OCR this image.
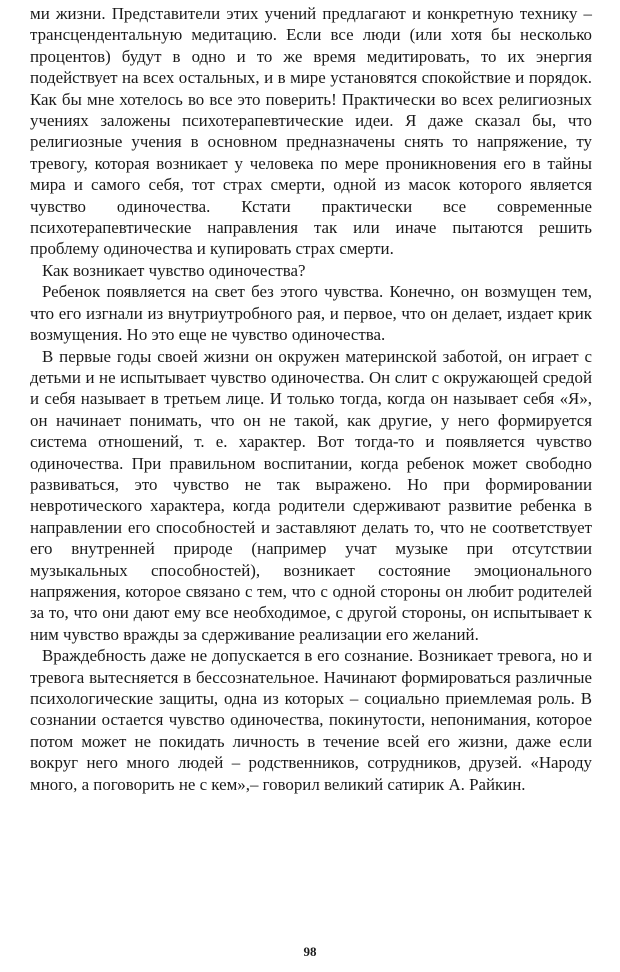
ми жизни. Представители этих учений предлагают и конкретную технику – трансцендентальную медитацию. Если все люди (или хотя бы несколько процентов) будут в одно и то же время медитировать, то их энергия подействует на всех остальных, и в мире установятся спокойствие и порядок. Как бы мне хотелось во все это поверить! Практически во всех религиозных учениях заложены психотерапевтические идеи. Я даже сказал бы, что религиозные учения в основном предназначены снять то напряжение, ту тревогу, которая возникает у человека по мере проникновения его в тайны мира и самого себя, тот страх смерти, одной из масок которого является чувство одиночества. Кстати практически все современные психотерапевтические направления так или иначе пытаются решить проблему одиночества и купировать страх смерти.

Как возникает чувство одиночества?

Ребенок появляется на свет без этого чувства. Конечно, он возмущен тем, что его изгнали из внутриутробного рая, и первое, что он делает, издает крик возмущения. Но это еще не чувство одиночества.

В первые годы своей жизни он окружен материнской заботой, он играет с детьми и не испытывает чувство одиночества. Он слит с окружающей средой и себя называет в третьем лице. И только тогда, когда он называет себя «Я», он начинает понимать, что он не такой, как другие, у него формируется система отношений, т. е. характер. Вот тогда-то и появляется чувство одиночества. При правильном воспитании, когда ребенок может свободно развиваться, это чувство не так выражено. Но при формировании невротического характера, когда родители сдерживают развитие ребенка в направлении его способностей и заставляют делать то, что не соответствует его внутренней природе (например учат музыке при отсутствии музыкальных способностей), возникает состояние эмоционального напряжения, которое связано с тем, что с одной стороны он любит родителей за то, что они дают ему все необходимое, с другой стороны, он испытывает к ним чувство вражды за сдерживание реализации его желаний.

Враждебность даже не допускается в его сознание. Возникает тревога, но и тревога вытесняется в бессознательное. Начинают формироваться различные психологические защиты, одна из которых – социально приемлемая роль. В сознании остается чувство одиночества, покинутости, непонимания, которое потом может не покидать личность в течение всей его жизни, даже если вокруг него много людей – родственников, сотрудников, друзей. «Народу много, а поговорить не с кем»,– говорил великий сатирик А. Райкин.

98
